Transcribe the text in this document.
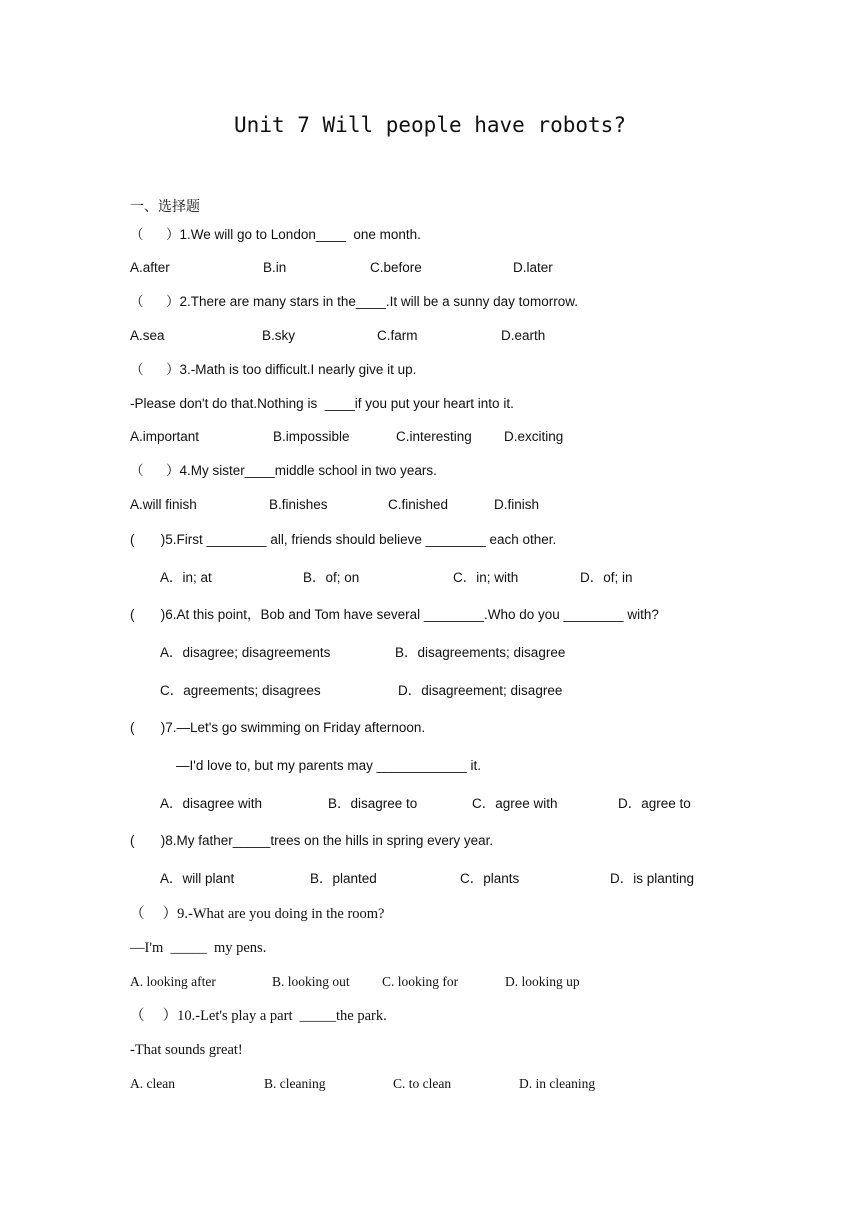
Unit 7 Will people have robots?
一、选择题
（      ）1.We will go to London____  one month.
A.after	B.in	C.before	D.later
（      ）2.There are many stars in the____.It will be a sunny day tomorrow.
A.sea	B.sky	C.farm	D.earth
（      ）3.-Math is too difficult.I nearly give it up.
-Please don't do that.Nothing is  ____if you put your heart into it.
A.important	B.impossible	C.interesting D.exciting
（      ）4.My sister____middle school in two years.
A.will finish	B.finishes	C.finished	D.finish
(       )5.First ________ all, friends should believe ________ each other.
A．in; at	B．of; on	C．in; with	D．of; in
(       )6.At this point，Bob and Tom have several ________.Who do you ________ with?
A．disagree; disagreements	B．disagreements; disagree
C．agreements; disagrees	D．disagreement; disagree
(       )7.—Let's go swimming on Friday afternoon.
—I'd love to, but my parents may ____________ it.
A．disagree with	B．disagree to	C．agree with	D．agree to
(       )8.My father_____trees on the hills in spring every year.
A．will plant	B．planted	C．plants	D．is planting
（     ）9.-What are you doing in the room?
—I'm  _____  my pens.
A. looking after	B. looking out C. looking for	D. looking up
（     ）10.-Let's play a part  _____the park.
-That sounds great!
A. clean	B. cleaning	C. to clean	D. in cleaning
